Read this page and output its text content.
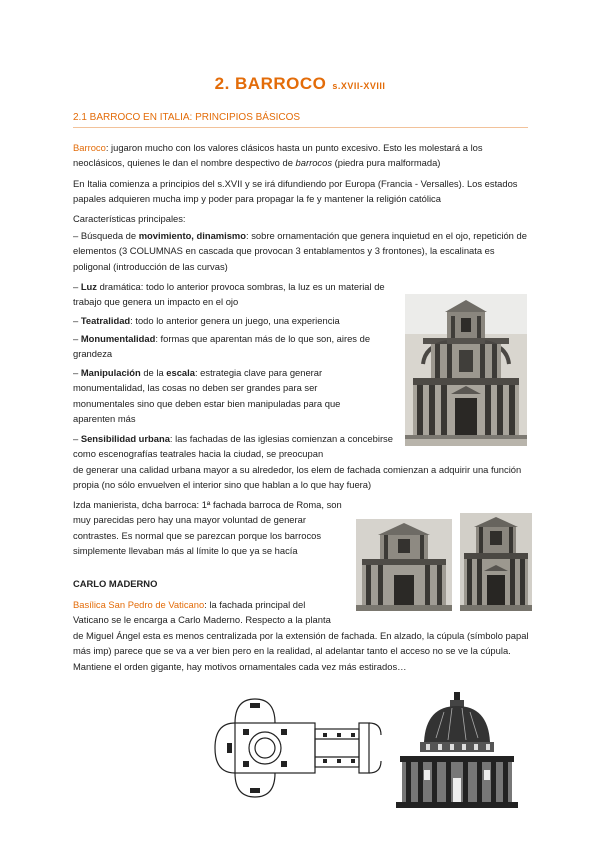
2. BARROCO s.XVII-XVIII
2.1 BARROCO EN ITALIA: PRINCIPIOS BÁSICOS
Barroco: jugaron mucho con los valores clásicos hasta un punto excesivo. Esto les molestará a los neoclásicos, quienes le dan el nombre despectivo de barrocos (piedra pura malformada)
En Italia comienza a principios del s.XVII y se irá difundiendo por Europa (Francia - Versalles). Los estados papales adquieren mucha imp y poder para propagar la fe y mantener la religión católica
Características principales:
– Búsqueda de movimiento, dinamismo: sobre ornamentación que genera inquietud en el ojo, repetición de elementos (3 COLUMNAS en cascada que provocan 3 entablamentos y 3 frontones), la escalinata es poligonal (introducción de las curvas)
– Luz dramática: todo lo anterior provoca sombras, la luz es un material de trabajo que genera un impacto en el ojo
– Teatralidad: todo lo anterior genera un juego, una experiencia
– Monumentalidad: formas que aparentan más de lo que son, aires de grandeza
– Manipulación de la escala: estrategia clave para generar monumentalidad, las cosas no deben ser grandes para ser monumentales sino que deben estar bien manipuladas para que aparenten más
– Sensibilidad urbana: las fachadas de las iglesias comienzan a concebirse como escenografías teatrales hacia la ciudad, se preocupan
de generar una calidad urbana mayor a su alrededor, los elem de fachada comienzan a adquirir una función propia (no sólo envuelven el interior sino que hablan a lo que hay fuera)
Izda manierista, dcha barroca: 1ª fachada barroca de Roma, son muy parecidas pero hay una mayor voluntad de generar contrastes. Es normal que se parezcan porque los barrocos simplemente llevaban más al límite lo que ya se hacía
CARLO MADERNO
Basílica San Pedro de Vaticano: la fachada principal del Vaticano se le encarga a Carlo Maderno. Respecto a la planta
de Miguel Ángel esta es menos centralizada por la extensión de fachada. En alzado, la cúpula (símbolo papal más imp) parece que se va a ver bien pero en la realidad, al adelantar tanto el acceso no se ve la cúpula. Mantiene el orden gigante, hay motivos ornamentales cada vez más estirados…
